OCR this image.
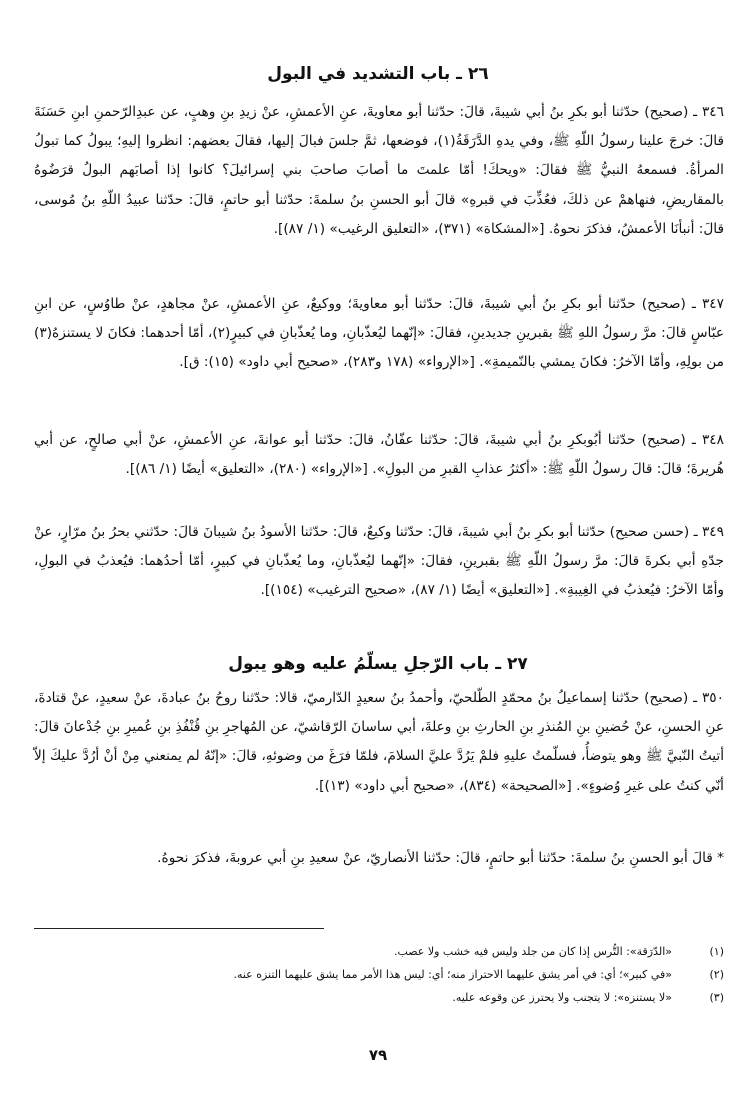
٢٦ ـ باب التشديد في البول
٣٤٦ ـ (صحيح) حدّثنا أبو بكرِ بنُ أبي شيبةَ، قالَ: حدّثنا أبو معاويةَ، عنِ الأعمشِ، عنْ زيدِ بنِ وهبٍ، عن عبدِالرّحمنِ ابنِ حَسَنَةَ قالَ: خرجَ علينا رسولُ اللّهِ ﷺ، وفي يدهِ الدَّرَقَةُ(١)، فوضعها، ثمَّ جلسَ فبالَ إليها، فقالَ بعضهم: انظروا إليهِ؛ يبولُ كما تبولُ المرأةُ. فسمعهُ النبيُّ ﷺ فقالَ: «ويحكَ! أمّا علمتَ ما أصابَ صاحبَ بني إسرائيلَ؟ كانوا إذا أصابَهم البولُ قرَضُوهُ بالمقاريضِ، فنهاهمْ عن ذلكَ، فعُذِّبَ في قبرهِ» قالَ أبو الحسنِ بنُ سلمةَ: حدّثنا أبو حاتمٍ، قالَ: حدّثنا عبيدُ اللّهِ بنُ مُوسى، قالَ: أنبأنَا الأعمشُ، فذكرَ نحوهُ. [«المشكاة» (٣٧١)، «التعليق الرغيب» (١/ ٨٧)].
٣٤٧ ـ (صحيح) حدّثنا أبو بكرِ بنُ أبي شيبةَ، قالَ: حدّثنا أبو معاويةَ؛ ووكيعٌ، عنِ الأعمشِ، عنْ مجاهدٍ، عنْ طاوُسٍ، عن ابنِ عبّاسٍ قالَ: مرَّ رسولُ اللهِ ﷺ بقبرينِ جديدينِ، فقالَ: «إنّهما ليُعذّبانِ، وما يُعذّبانِ في كبيرٍ(٢)، أمّا أحدهما: فكانَ لا يستنزهُ(٣) من بولِهِ، وأمّا الآخرُ: فكانَ يمشي بالنّميمةِ». [«الإرواء» (١٧٨ و٢٨٣)، «صحيح أبي داود» (١٥): ق].
٣٤٨ ـ (صحيح) حدّثنا أبُوبكرِ بنُ أبي شيبةَ، قالَ: حدّثنا عفّانُ، قالَ: حدّثنا أبو عوانةَ، عنِ الأعمشِ، عنْ أبي صالحٍ، عن أبي هُريرةَ؛ قالَ: قالَ رسولُ اللّهِ ﷺ: «أكثرُ عذابِ القبرِ من البولِ». [«الإرواء» (٢٨٠)، «التعليق» أيضًا (١/ ٨٦)].
٣٤٩ ـ (حسن صحيح) حدّثنا أبو بكرِ بنُ أبي شيبةَ، قالَ: حدّثنا وكيعٌ، قالَ: حدّثنا الأسودُ بنُ شيبانَ قالَ: حدّثني بحرُ بنُ مرّارٍ، عنْ جدّهِ أبي بكرةَ قالَ: مرَّ رسولُ اللّهِ ﷺ بقبرينِ، فقالَ: «إنّهما ليُعذّبانِ، وما يُعذّبانِ في كبيرٍ، أمّا أحدُهما: فيُعذبُ في البولِ، وأمّا الآخرُ: فيُعذبُ في الغِيبةِ». [«التعليق» أيضًا (١/ ٨٧)، «صحيح الترغيب» (١٥٤)].
٢٧ ـ باب الرّجلِ يسلّمُ عليه وهو يبول
٣٥٠ ـ (صحيح) حدّثنا إسماعيلُ بنُ محمّدٍ الطّلحيّ، وأحمدُ بنُ سعيدٍ الدّارميّ، قالا: حدّثنا روحُ بنُ عبادةَ، عنْ سعيدٍ، عنْ قتادةَ، عنِ الحسنِ، عنْ حُضينِ بنِ المُنذرِ بنِ الحارثِ بنِ وعلةَ، أبي ساسانَ الرّقاشيّ، عن المُهاجرِ بنِ قُنْفُذِ بنِ عُميرِ بنِ جُدْعانَ قالَ: أتيتُ النّبيَّ ﷺ وهو يتوضأُ، فسلّمتُ عليهِ فلمْ يَرُدَّ عليَّ السلامَ، فلمّا فرَغَ من وضوئهِ، قالَ: «إنّهُ لم يمنعني مِنْ أنْ أرُدَّ عليكَ إلاّ أنّي كنتُ على غيرِ وُضوءٍ». [«الصحيحة» (٨٣٤)، «صحيح أبي داود» (١٣)].
* قالَ أبو الحسنِ بنُ سلمةَ: حدّثنا أبو حاتمٍ، قالَ: حدّثنا الأنصاريّ، عنْ سعيدِ بنِ أبي عروبةَ، فذكرَ نحوهُ.
(١)
«الدّرَقة»: التُّرس إذا كان من جلد وليس فيه خشب ولا عصب.
(٢)
«في كبير»؛ أي: في أمر يشق عليهما الاحتراز منه؛ أي: ليس هذا الأمر مما يشق عليهما التنزه عنه.
(٣)
«لا يستنزه»: لا يتجنب ولا يحترز عن وقوعه عليه.
٧٩
